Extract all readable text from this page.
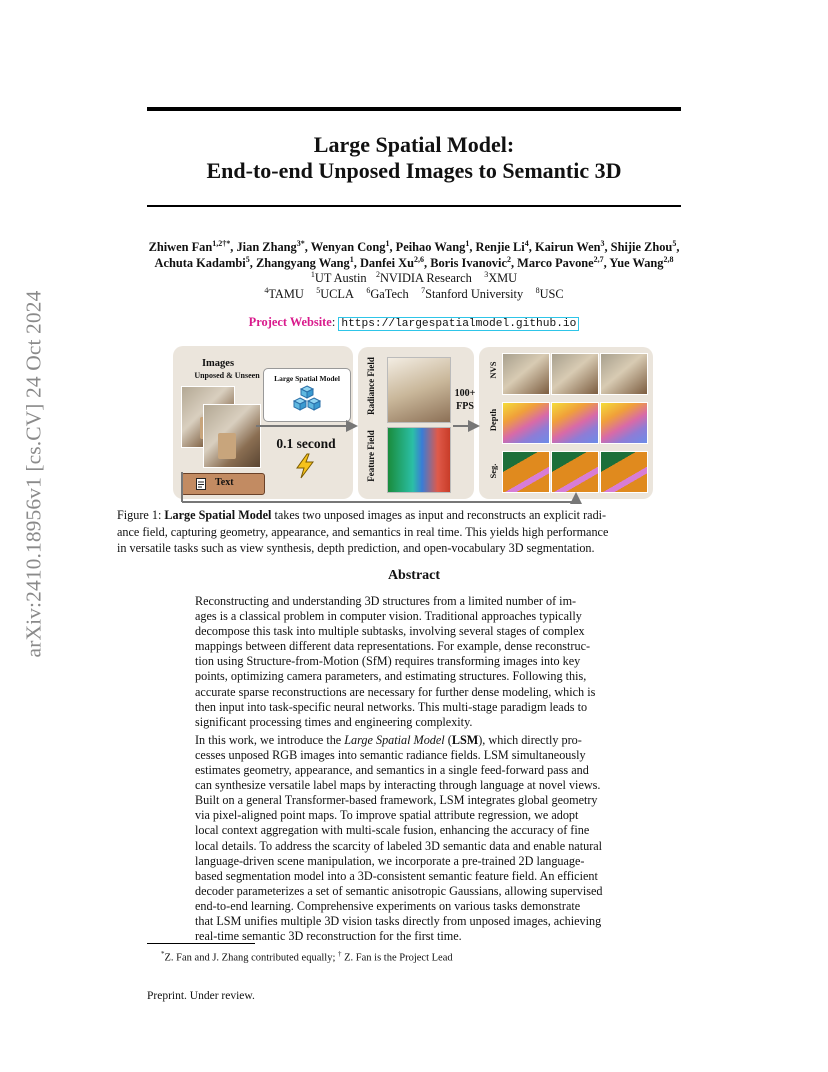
arXiv:2410.18956v1 [cs.CV] 24 Oct 2024
Large Spatial Model:
End-to-end Unposed Images to Semantic 3D
Zhiwen Fan$^{1,2\dagger*}$, Jian Zhang$^{3*}$, Wenyan Cong$^1$, Peihao Wang$^1$, Renjie Li$^4$, Kairun Wen$^3$, Shijie Zhou$^5$,
Achuta Kadambi$^5$, Zhangyang Wang$^1$, Danfei Xu$^{2,6}$, Boris Ivanovic$^2$, Marco Pavone$^{2,7}$, Yue Wang$^{2,8}$
$^1$UT Austin $^2$NVIDIA Research $^3$XMU
$^4$TAMU $^5$UCLA $^6$GaTech $^7$Stanford University $^8$USC
Project Website: https://largespatialmodel.github.io
Images
Unposed & Unseen	Large Spatial Model
0.1 second
Text
Radiance Field
Feature Field
100+
FPS
NVS
Depth
Seg.
Figure 1: Large Spatial Model takes two unposed images as input and reconstructs an explicit radi-
ance field, capturing geometry, appearance, and semantics in real time. This yields high performance
in versatile tasks such as view synthesis, depth prediction, and open-vocabulary 3D segmentation.
Abstract

Reconstructing and understanding 3D structures from a limited number of im-
ages is a classical problem in computer vision. Traditional approaches typically
decompose this task into multiple subtasks, involving several stages of complex
mappings between different data representations. For example, dense reconstruc-
tion using Structure-from-Motion (SfM) requires transforming images into key
points, optimizing camera parameters, and estimating structures. Following this,
accurate sparse reconstructions are necessary for further dense modeling, which is
then input into task-specific neural networks. This multi-stage paradigm leads to
significant processing times and engineering complexity.

In this work, we introduce the Large Spatial Model (LSM), which directly pro-
cesses unposed RGB images into semantic radiance fields. LSM simultaneously
estimates geometry, appearance, and semantics in a single feed-forward pass and
can synthesize versatile label maps by interacting through language at novel views.
Built on a general Transformer-based framework, LSM integrates global geometry
via pixel-aligned point maps. To improve spatial attribute regression, we adopt
local context aggregation with multi-scale fusion, enhancing the accuracy of fine
local details. To address the scarcity of labeled 3D semantic data and enable natural
language-driven scene manipulation, we incorporate a pre-trained 2D language-
based segmentation model into a 3D-consistent semantic feature field. An efficient
decoder parameterizes a set of semantic anisotropic Gaussians, allowing supervised
end-to-end learning. Comprehensive experiments on various tasks demonstrate
that LSM unifies multiple 3D vision tasks directly from unposed images, achieving
real-time semantic 3D reconstruction for the first time.

*Z. Fan and J. Zhang contributed equally; † Z. Fan is the Project Lead
Preprint. Under review.
